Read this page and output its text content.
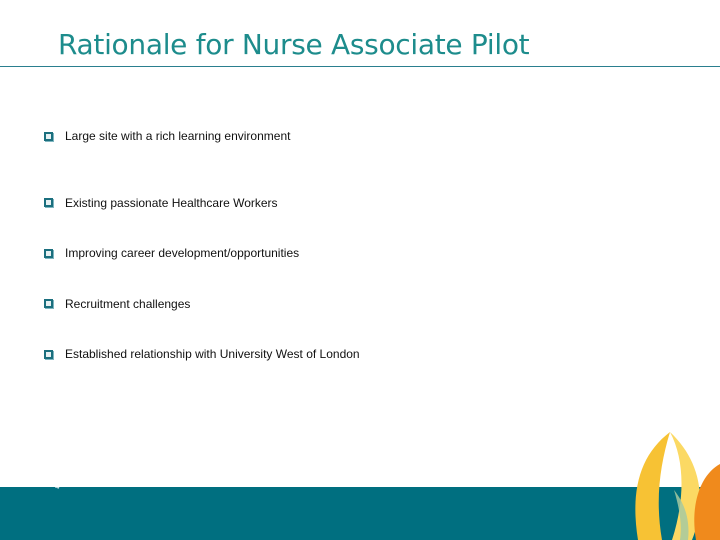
Rationale for Nurse Associate Pilot
Large site with a rich learning environment
Existing passionate Healthcare Workers
Improving career development/opportunities
Recruitment challenges
Established relationship with University West of London
4
